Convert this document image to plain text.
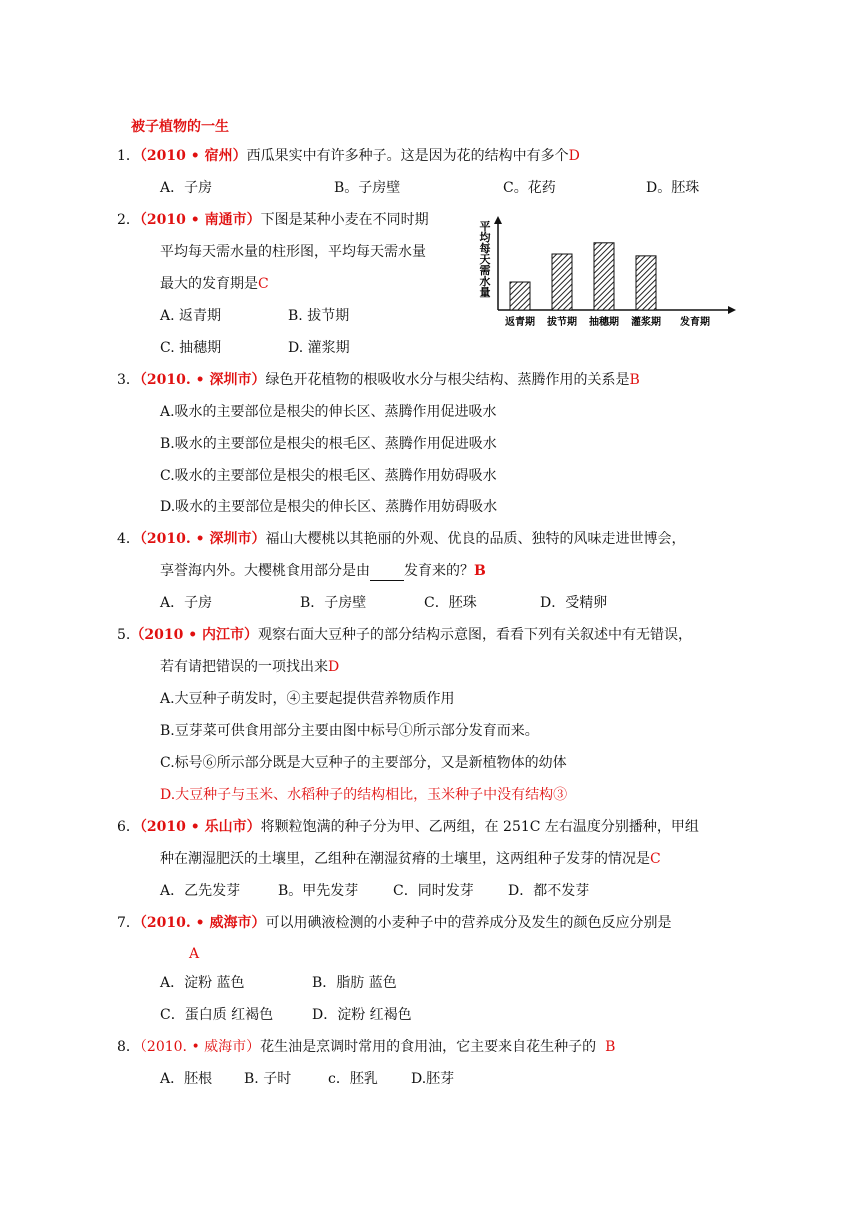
被子植物的一生
1．（2010 • 宿州）西瓜果实中有许多种子。这是因为花的结构中有多个D
A．子房	B。子房壁	C。花药	D。胚珠
2．（2010 • 南通市）下图是某种小麦在不同时期
平均每天需水量的柱形图，平均每天需水量
最大的发育期是C
A. 返青期	B. 拔节期
C. 抽穗期	D. 灌浆期
平
均
每
天
需
水
量
返青期 拔节期 抽穗期 灌浆期 发育期
3．（2010. • 深圳市）绿色开花植物的根吸收水分与根尖结构、蒸腾作用的关系是B
A.吸水的主要部位是根尖的伸长区、蒸腾作用促进吸水
B.吸水的主要部位是根尖的根毛区、蒸腾作用促进吸水
C.吸水的主要部位是根尖的根毛区、蒸腾作用妨碍吸水
D.吸水的主要部位是根尖的伸长区、蒸腾作用妨碍吸水
4．（2010. • 深圳市）福山大樱桃以其艳丽的外观、优良的品质、独特的风味走进世博会，
享誉海内外。大樱桃食用部分是由 发育来的？B
A．子房	B．子房壁	C．胚珠	D．受精卵
5.（2010 • 内江市）观察右面大豆种子的部分结构示意图，看看下列有关叙述中有无错误，
若有请把错误的一项找出来D
A.大豆种子萌发时，④主要起提供营养物质作用
B.豆芽菜可供食用部分主要由图中标号①所示部分发育而来。
C.标号⑥所示部分既是大豆种子的主要部分，又是新植物体的幼体
D.大豆种子与玉米、水稻种子的结构相比，玉米种子中没有结构③
6．（2010 • 乐山市）将颗粒饱满的种子分为甲、乙两组，在 251C 左右温度分别播种，甲组
种在潮湿肥沃的土壤里，乙组种在潮湿贫瘠的土壤里，这两组种子发芽的情况是C
A．乙先发芽	B。甲先发芽 C．同时发芽 D．都不发芽
7．（2010. • 威海市）可以用碘液检测的小麦种子中的营养成分及发生的颜色反应分别是
A
A．淀粉 蓝色	B．脂肪 蓝色
C．蛋白质 红褐色	D．淀粉 红褐色
8．（2010. • 威海市）花生油是烹调时常用的食用油，它主要来自花生种子的 B
A．胚根 B. 子时	c．胚乳 D.胚芽
